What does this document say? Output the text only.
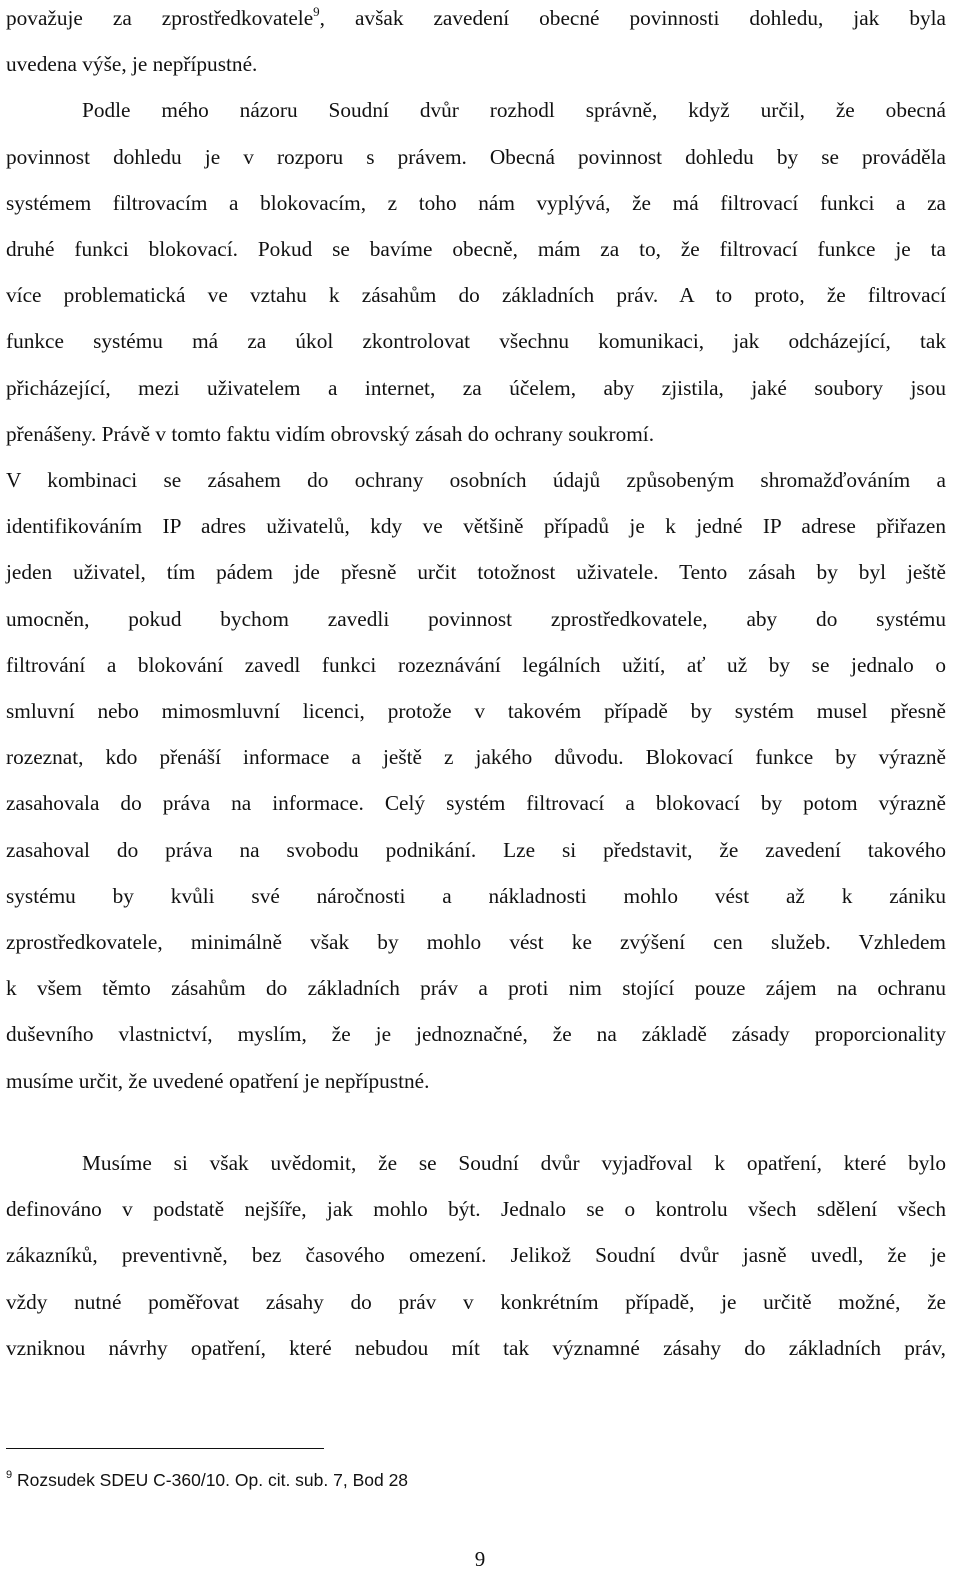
považuje za zprostředkovatele$^9$, avšak zavedení obecné povinnosti dohledu, jak byla
uvedena výše, je nepřípustné.
Podle mého názoru Soudní dvůr rozhodl správně, když určil, že obecná
povinnost dohledu je v rozporu s právem. Obecná povinnost dohledu by se prováděla
systémem filtrovacím a blokovacím, z toho nám vyplývá, že má filtrovací funkci a za
druhé funkci blokovací. Pokud se bavíme obecně, mám za to, že filtrovací funkce je ta
více problematická ve vztahu k zásahům do základních práv. A to proto, že filtrovací
funkce systému má za úkol zkontrolovat všechnu komunikaci, jak odcházející, tak
přicházející, mezi uživatelem a internet, za účelem, aby zjistila, jaké soubory jsou
přenášeny. Právě v tomto faktu vidím obrovský zásah do ochrany soukromí.
V kombinaci se zásahem do ochrany osobních údajů způsobeným shromažďováním a
identifikováním IP adres uživatelů, kdy ve většině případů je k jedné IP adrese přiřazen
jeden uživatel, tím pádem jde přesně určit totožnost uživatele. Tento zásah by byl ještě
umocněn, pokud bychom zavedli povinnost zprostředkovatele, aby do systému
filtrování a blokování zavedl funkci rozeznávání legálních užití, ať už by se jednalo o
smluvní nebo mimosmluvní licenci, protože v takovém případě by systém musel přesně
rozeznat, kdo přenáší informace a ještě z jakého důvodu. Blokovací funkce by výrazně
zasahovala do práva na informace. Celý systém filtrovací a blokovací by potom výrazně
zasahoval do práva na svobodu podnikání. Lze si představit, že zavedení takového
systému by kvůli své náročnosti a nákladnosti mohlo vést až k zániku
zprostředkovatele, minimálně však by mohlo vést ke zvýšení cen služeb. Vzhledem
k všem těmto zásahům do základních práv a proti nim stojící pouze zájem na ochranu
duševního vlastnictví, myslím, že je jednoznačné, že na základě zásady proporcionality
musíme určit, že uvedené opatření je nepřípustné.
Musíme si však uvědomit, že se Soudní dvůr vyjadřoval k opatření, které bylo
definováno v podstatě nejšíře, jak mohlo být. Jednalo se o kontrolu všech sdělení všech
zákazníků, preventivně, bez časového omezení. Jelikož Soudní dvůr jasně uvedl, že je
vždy nutné poměřovat zásahy do práv v konkrétním případě, je určitě možné, že
vzniknou návrhy opatření, které nebudou mít tak významné zásahy do základních práv,
$^9$ Rozsudek SDEU C-360/10. Op. cit. sub. 7, Bod 28
9
